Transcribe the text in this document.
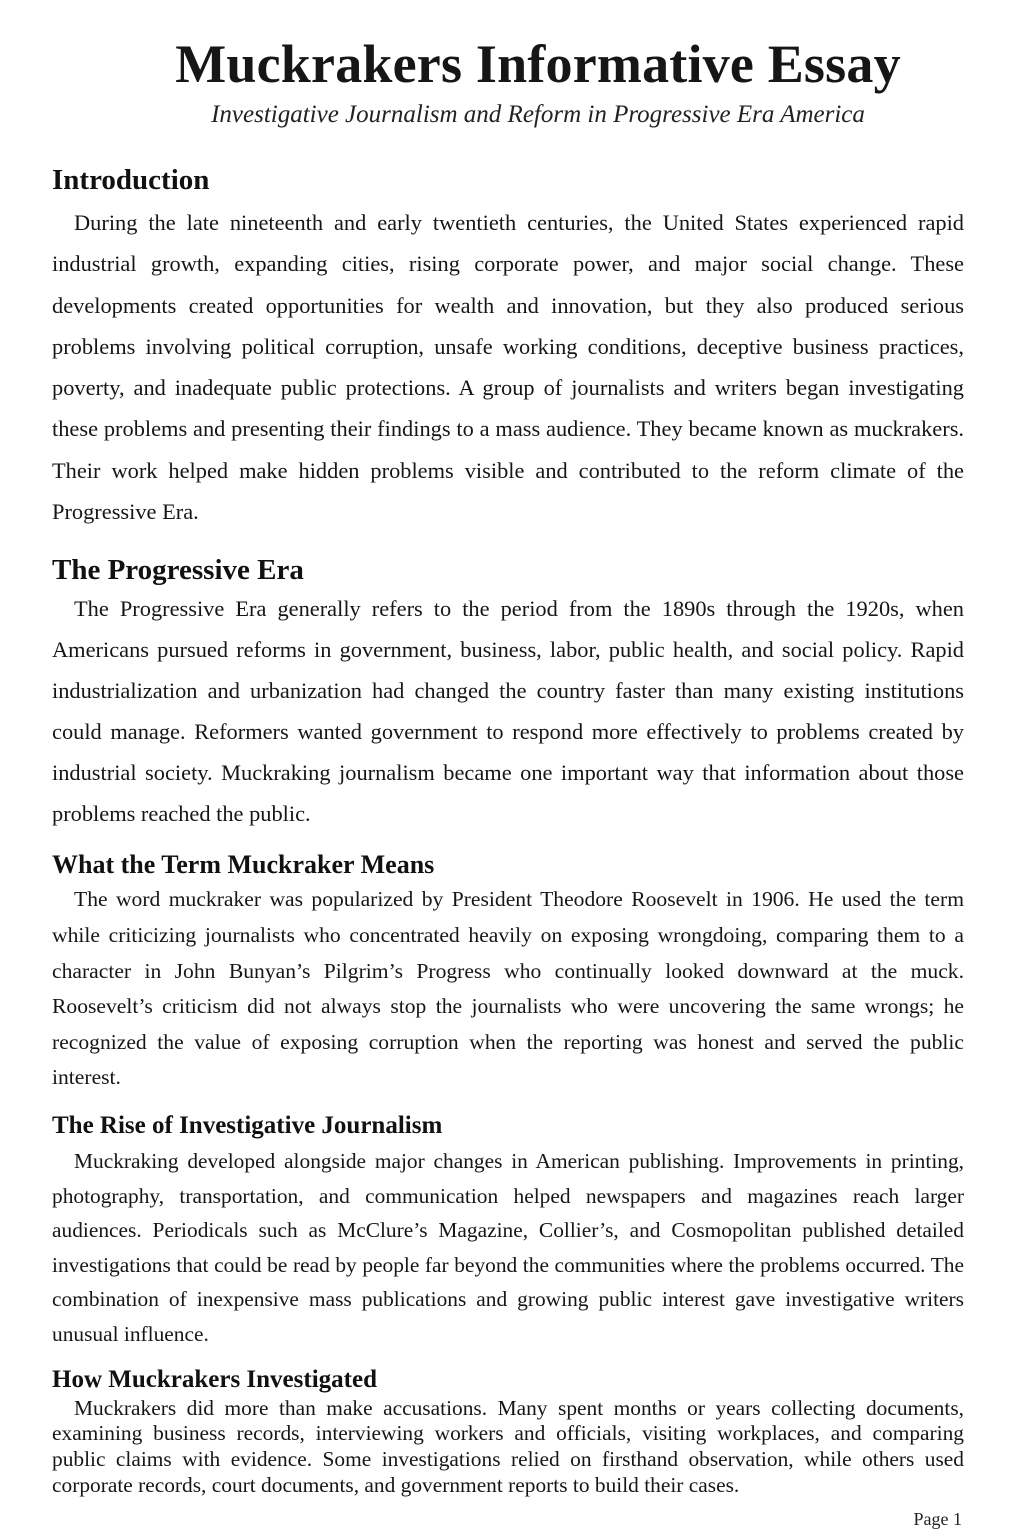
Muckrakers Informative Essay
Investigative Journalism and Reform in Progressive Era America
Introduction

During the late nineteenth and early twentieth centuries, the United States experienced rapid industrial growth, expanding cities, rising corporate power, and major social change. These developments created opportunities for wealth and innovation, but they also produced serious problems involving political corruption, unsafe working conditions, deceptive business practices, poverty, and inadequate public protections. A group of journalists and writers began investigating these problems and presenting their findings to a mass audience. They became known as muckrakers. Their work helped make hidden problems visible and contributed to the reform climate of the Progressive Era.

The Progressive Era

The Progressive Era generally refers to the period from the 1890s through the 1920s, when Americans pursued reforms in government, business, labor, public health, and social policy. Rapid industrialization and urbanization had changed the country faster than many existing institutions could manage. Reformers wanted government to respond more effectively to problems created by industrial society. Muckraking journalism became one important way that information about those problems reached the public.

What the Term Muckraker Means

The word muckraker was popularized by President Theodore Roosevelt in 1906. He used the term while criticizing journalists who concentrated heavily on exposing wrongdoing, comparing them to a character in John Bunyan’s Pilgrim’s Progress who continually looked downward at the muck. Roosevelt’s criticism did not always stop the journalists who were uncovering the same wrongs; he recognized the value of exposing corruption when the reporting was honest and served the public interest.

The Rise of Investigative Journalism

Muckraking developed alongside major changes in American publishing. Improvements in printing, photography, transportation, and communication helped newspapers and magazines reach larger audiences. Periodicals such as McClure’s Magazine, Collier’s, and Cosmopolitan published detailed investigations that could be read by people far beyond the communities where the problems occurred. The combination of inexpensive mass publications and growing public interest gave investigative writers unusual influence.

How Muckrakers Investigated

Muckrakers did more than make accusations. Many spent months or years collecting documents, examining business records, interviewing workers and officials, visiting workplaces, and comparing public claims with evidence. Some investigations relied on firsthand observation, while others used corporate records, court documents, and government reports to build their cases.

Page 1
